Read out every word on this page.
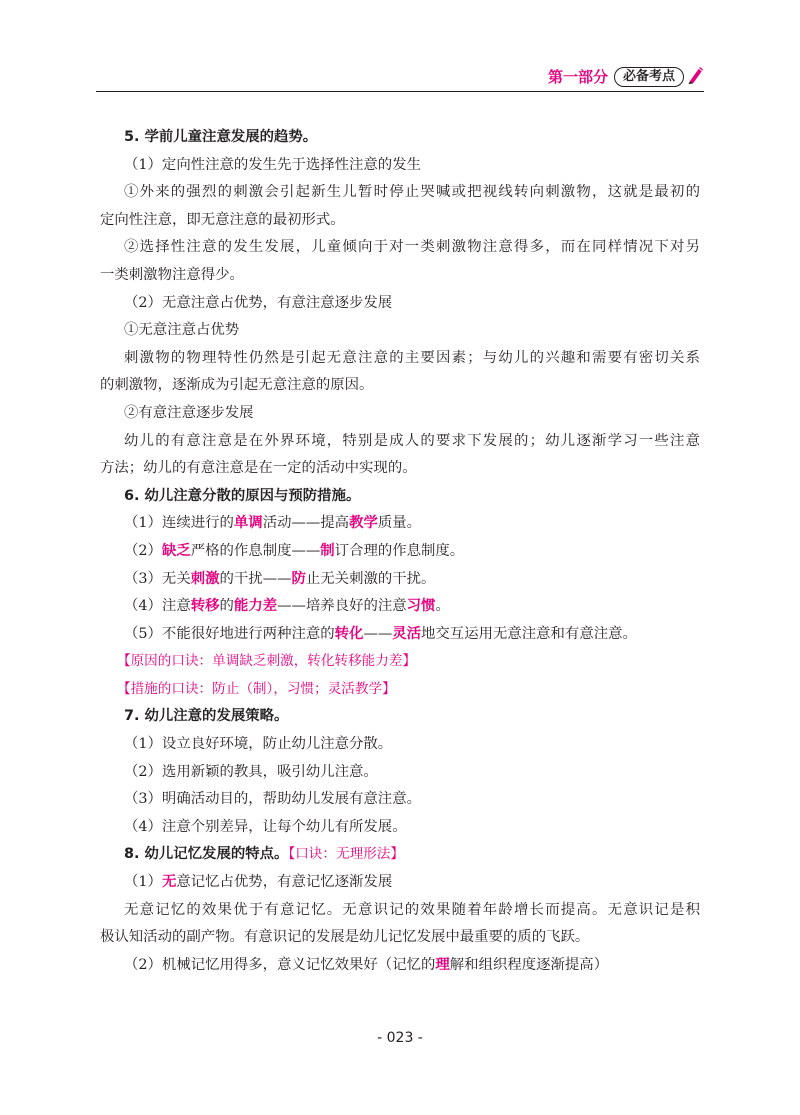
第一部分	必备考点
5. 学前儿童注意发展的趋势。
（1）定向性注意的发生先于选择性注意的发生
①外来的强烈的刺激会引起新生儿暂时停止哭喊或把视线转向刺激物，这就是最初的
定向性注意，即无意注意的最初形式。
②选择性注意的发生发展，儿童倾向于对一类刺激物注意得多，而在同样情况下对另
一类刺激物注意得少。
（2）无意注意占优势，有意注意逐步发展
①无意注意占优势
刺激物的物理特性仍然是引起无意注意的主要因素；与幼儿的兴趣和需要有密切关系
的刺激物，逐渐成为引起无意注意的原因。
②有意注意逐步发展
幼儿的有意注意是在外界环境，特别是成人的要求下发展的；幼儿逐渐学习一些注意
方法；幼儿的有意注意是在一定的活动中实现的。
6. 幼儿注意分散的原因与预防措施。
（1）连续进行的单调活动——提高教学质量。
（2）缺乏严格的作息制度——制订合理的作息制度。
（3）无关刺激的干扰——防止无关刺激的干扰。
（4）注意转移的能力差——培养良好的注意习惯。
（5）不能很好地进行两种注意的转化——灵活地交互运用无意注意和有意注意。
【原因的口诀：单调缺乏刺激，转化转移能力差】
【措施的口诀：防止（制），习惯；灵活教学】
7. 幼儿注意的发展策略。
（1）设立良好环境，防止幼儿注意分散。
（2）选用新颖的教具，吸引幼儿注意。
（3）明确活动目的，帮助幼儿发展有意注意。
（4）注意个别差异，让每个幼儿有所发展。
8. 幼儿记忆发展的特点。【口诀：无理形法】
（1）无意记忆占优势，有意记忆逐渐发展
无意记忆的效果优于有意记忆。无意识记的效果随着年龄增长而提高。无意识记是积
极认知活动的副产物。有意识记的发展是幼儿记忆发展中最重要的质的飞跃。
（2）机械记忆用得多，意义记忆效果好（记忆的理解和组织程度逐渐提高）
- 023 -
